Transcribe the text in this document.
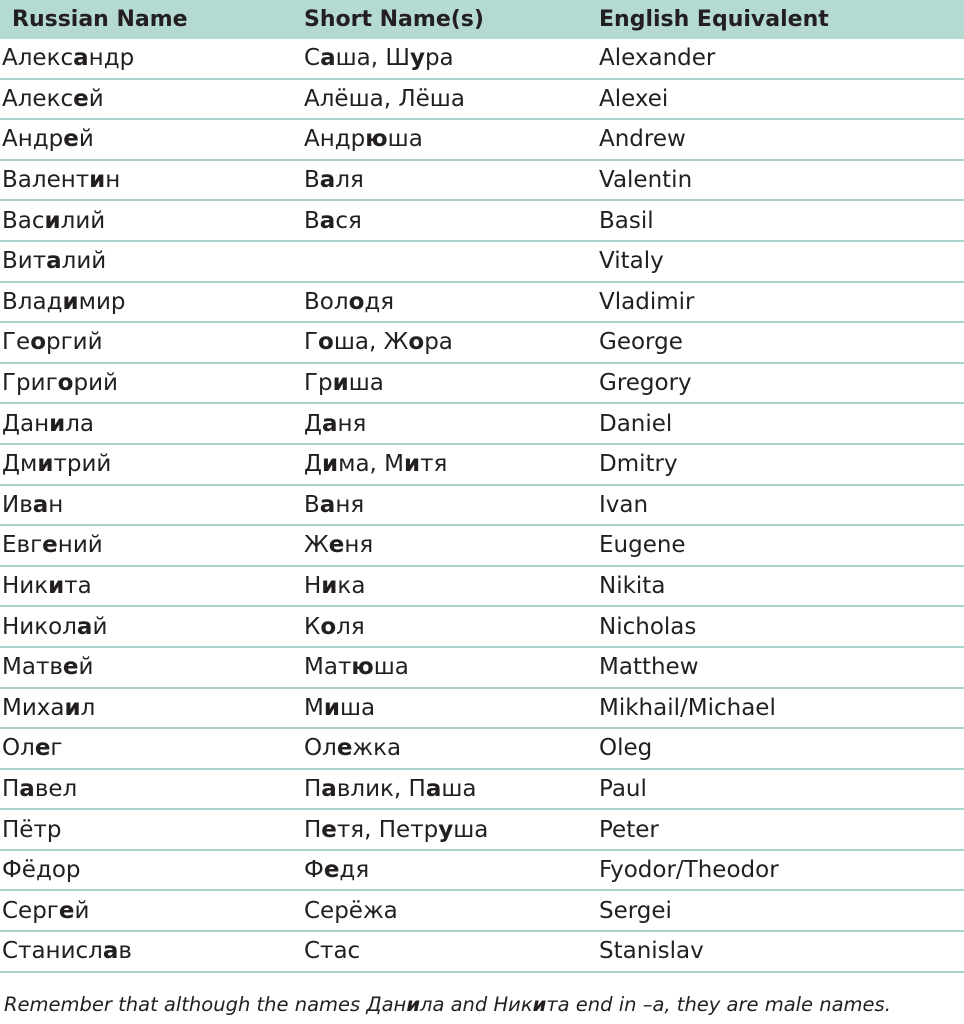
Russian Name	Short Name(s)	English Equivalent
Александр	Саша, Шура	Alexander
Алексей	Алёша, Лёша	Alexei
Андрей	Андрюша	Andrew
Валентин	Валя	Valentin
Василий	Вася	Basil
Виталий		Vitaly
Владимир	Володя	Vladimir
Георгий	Гоша, Жора	George
Григорий	Гриша	Gregory
Данила	Даня	Daniel
Дмитрий	Дима, Митя	Dmitry
Иван	Ваня	Ivan
Евгений	Женя	Eugene
Никита	Ника	Nikita
Николай	Коля	Nicholas
Матвей	Матюша	Matthew
Михаил	Миша	Mikhail/Michael
Олег	Олежка	Oleg
Павел	Павлик, Паша	Paul
Пётр	Петя, Петруша	Peter
Фёдор	Федя	Fyodor/Theodor
Сергей	Серёжа	Sergei
Станислав	Стас	Stanislav
Remember that although the names Данила and Никита end in –а, they are male names.
